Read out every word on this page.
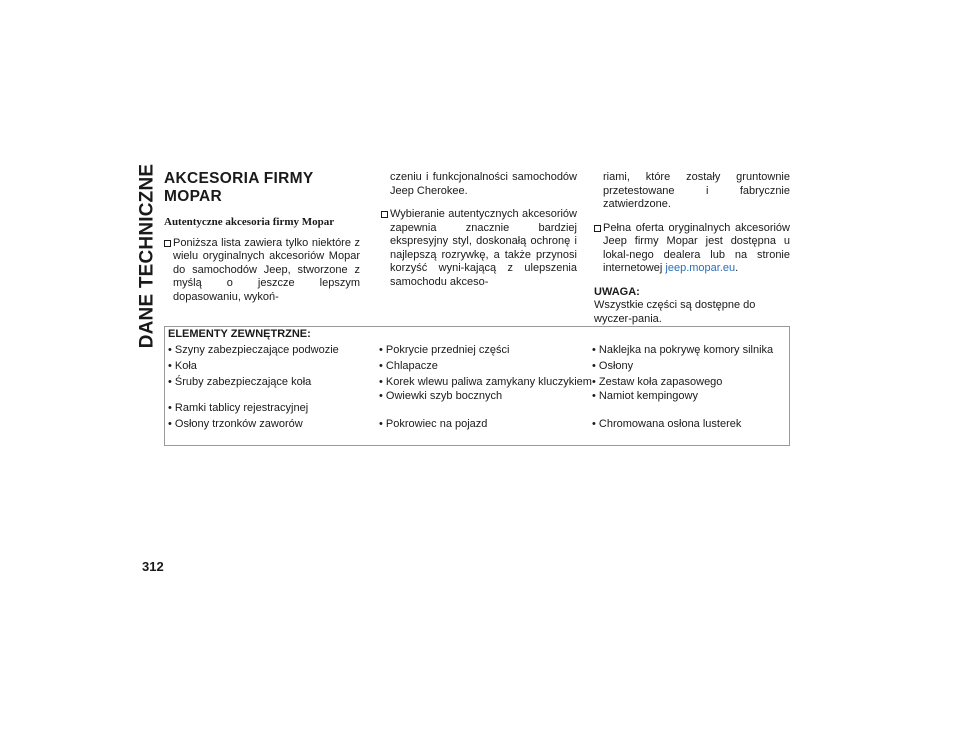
DANE TECHNICZNE AKCESORIA FIRMY MOPAR
Autentyczne akcesoria firmy Mopar
Poniższa lista zawiera tylko niektóre z wielu oryginalnych akcesoriów Mopar do samochodów Jeep, stworzone z myślą o jeszcze lepszym dopasowaniu, wykoń-
czeniu i funkcjonalności samochodów Jeep Cherokee.
Wybieranie autentycznych akcesoriów zapewnia znacznie bardziej ekspresyjny styl, doskonałą ochronę i najlepszą rozrywkę, a także przynosi korzyść wyni-kającą z ulepszenia samochodu akceso-
riami, które zostały gruntownie przetestowane i fabrycznie zatwierdzone.
Pełna oferta oryginalnych akcesoriów Jeep firmy Mopar jest dostępna u lokal-nego dealera lub na stronie internetowej jeep.mopar.eu.
UWAGA:
Wszystkie części są dostępne do wyczer-pania.
ELEMENTY ZEWNĘTRZNE:
• Szyny zabezpieczające podwozie
• Koła
• Śruby zabezpieczające koła
• Ramki tablicy rejestracyjnej
• Osłony trzonków zaworów
• Pokrycie przedniej części
• Chlapacze
• Korek wlewu paliwa zamykany kluczykiem
• Owiewki szyb bocznych
• Pokrowiec na pojazd
• Naklejka na pokrywę komory silnika
• Osłony
• Zestaw koła zapasowego
• Namiot kempingowy
• Chromowana osłona lusterek
312
